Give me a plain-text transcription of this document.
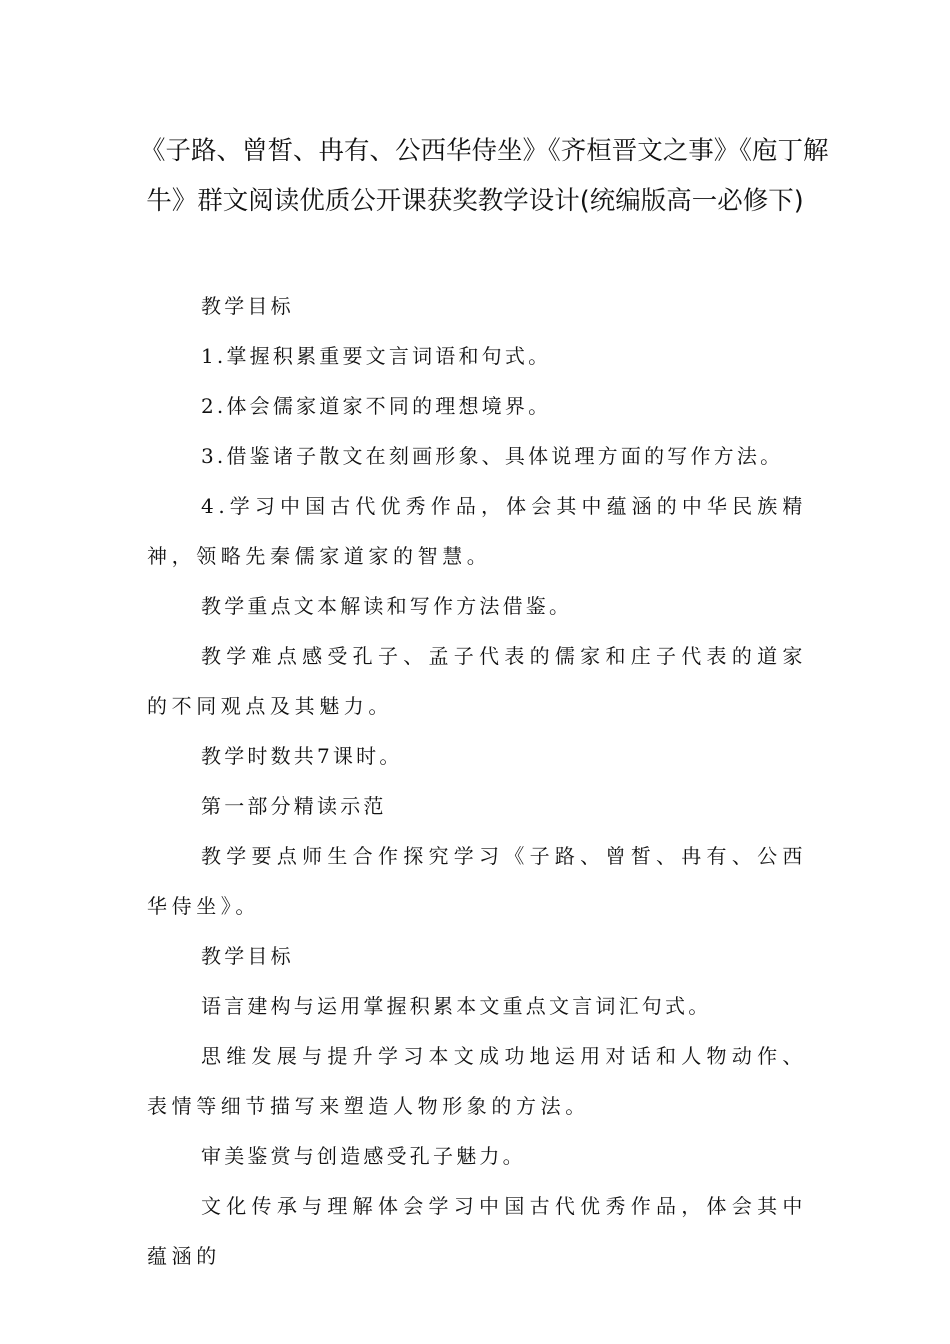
《子路、曾皙、冉有、公西华侍坐》《齐桓晋文之事》《庖丁解
牛》群文阅读优质公开课获奖教学设计(统编版高一必修下)

教学目标

1.掌握积累重要文言词语和句式。

2.体会儒家道家不同的理想境界。

3.借鉴诸子散文在刻画形象、具体说理方面的写作方法。

4.学习中国古代优秀作品，体会其中蕴涵的中华民族精神，领略先秦儒家道家的智慧。

教学重点文本解读和写作方法借鉴。

教学难点感受孔子、孟子代表的儒家和庄子代表的道家的不同观点及其魅力。

教学时数共7课时。

第一部分精读示范

教学要点师生合作探究学习《子路、曾皙、冉有、公西华侍坐》。

教学目标

语言建构与运用掌握积累本文重点文言词汇句式。

思维发展与提升学习本文成功地运用对话和人物动作、表情等细节描写来塑造人物形象的方法。

审美鉴赏与创造感受孔子魅力。

文化传承与理解体会学习中国古代优秀作品，体会其中蕴涵的
